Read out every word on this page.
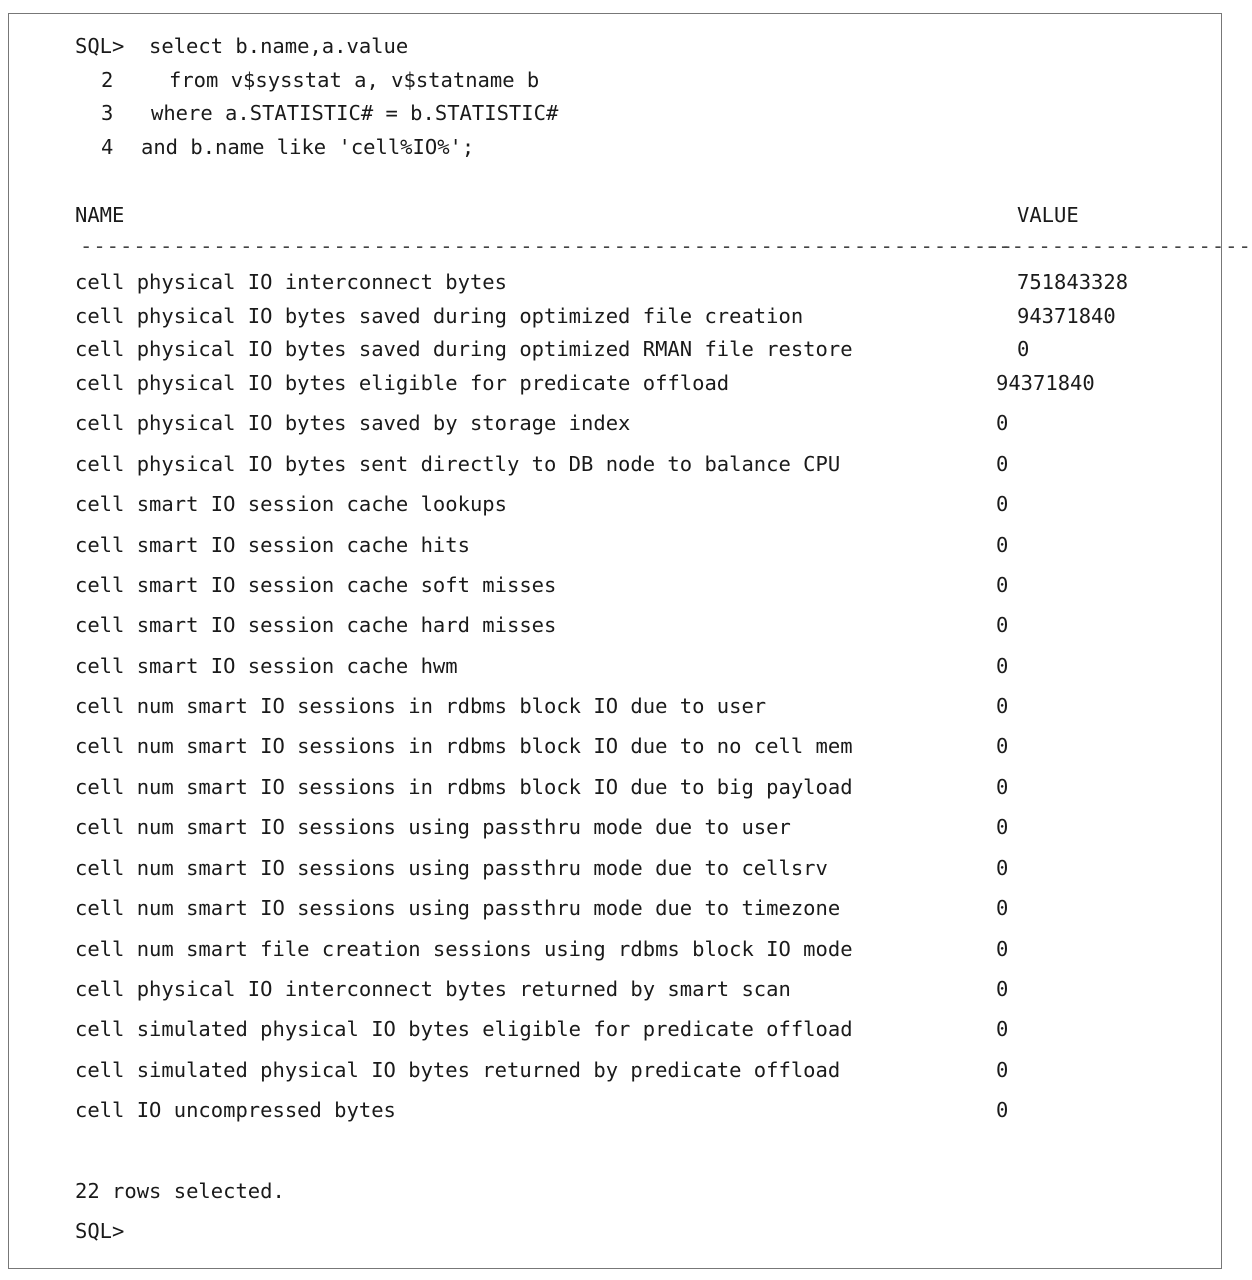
SQL> select b.name,a.value
2	from v$sysstat a, v$statname b
3 where a.STATISTIC# = b.STATISTIC#
4 and b.name like 'cell%IO%';
NAME	VALUE
----------------------------------------------------------------------
--------------------
cell physical IO interconnect bytes	751843328
cell physical IO bytes saved during optimized file creation	94371840
cell physical IO bytes saved during optimized RMAN file restore	0
cell physical IO bytes eligible for predicate offload	94371840
cell physical IO bytes saved by storage index	0
cell physical IO bytes sent directly to DB node to balance CPU	0
cell smart IO session cache lookups	0
cell smart IO session cache hits	0
cell smart IO session cache soft misses	0
cell smart IO session cache hard misses	0
cell smart IO session cache hwm	0
cell num smart IO sessions in rdbms block IO due to user	0
cell num smart IO sessions in rdbms block IO due to no cell mem	0
cell num smart IO sessions in rdbms block IO due to big payload	0
cell num smart IO sessions using passthru mode due to user	0
cell num smart IO sessions using passthru mode due to cellsrv	0
cell num smart IO sessions using passthru mode due to timezone	0
cell num smart file creation sessions using rdbms block IO mode	0
cell physical IO interconnect bytes returned by smart scan	0
cell simulated physical IO bytes eligible for predicate offload	0
cell simulated physical IO bytes returned by predicate offload	0
cell IO uncompressed bytes	0
22 rows selected.
SQL>
